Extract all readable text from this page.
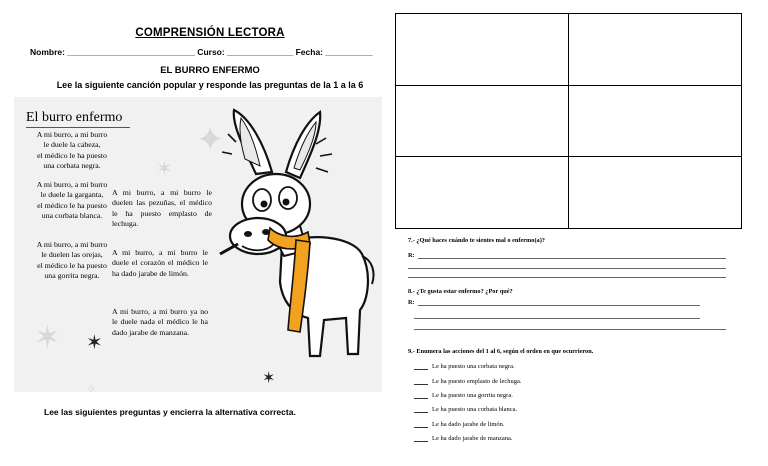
COMPRENSIÓN LECTORA
Nombre: ___________________________ Curso: ______________ Fecha: __________
EL BURRO ENFERMO
Lee la siguiente canción popular y responde las preguntas de la 1 a la 6
El burro enfermo
A mi burro, a mi burro
le duele la cabeza,
el médico le ha puesto
una corbata negra.
A mi burro, a mi burro
le duele la garganta,
el médico le ha puesto
una corbata blanca.
A mi burro, a mi burro
le duelen las orejas,
el médico le ha puesto
una gorrita negra.
A mi burro, a mi burro le duelen las pezuñas, el médico le ha puesto emplasto de lechuga.
A mi burro, a mi burro le duele el corazón el médico le ha dado jarabe de limón.
A mi burro, a mi burro ya no le duele nada el médico le ha dado jarabe de manzana.
✦
✶
✶ ✶
✶
✧
Lee las siguientes preguntas y encierra la alternativa correcta.

7.- ¿Qué haces cuándo te sientes mal o enfermo(a)?
R:
8.- ¿Te gusta estar enfermo? ¿Por qué?
R:
9.- Enumera las acciones del 1 al 6, según el orden en que ocurrieron.
Le ha puesto una corbata negra.
Le ha puesto emplasto de lechuga.
Le ha puesto una gorrita negra.
Le ha puesto una corbata blanca.
Le ha dado jarabe de limón.
Le ha dado jarabe de manzana.
